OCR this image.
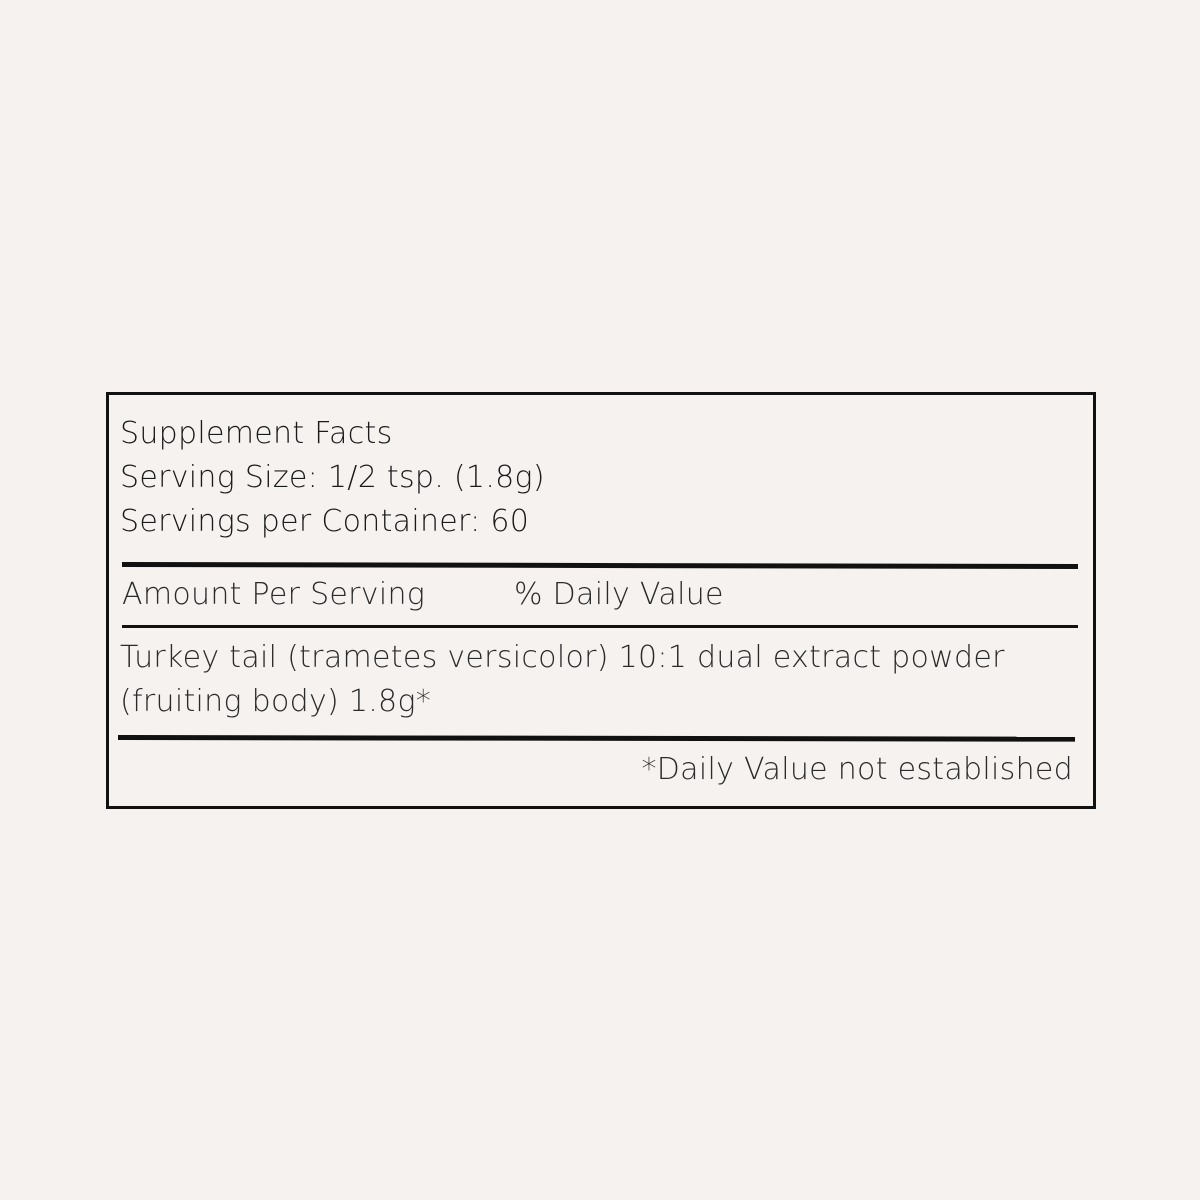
Supplement Facts
Serving Size: 1/2 tsp. (1.8g)
Servings per Container: 60
Amount Per Serving	% Daily Value
Turkey tail (trametes versicolor) 10:1 dual extract powder
(fruiting body) 1.8g*
*Daily Value not established
